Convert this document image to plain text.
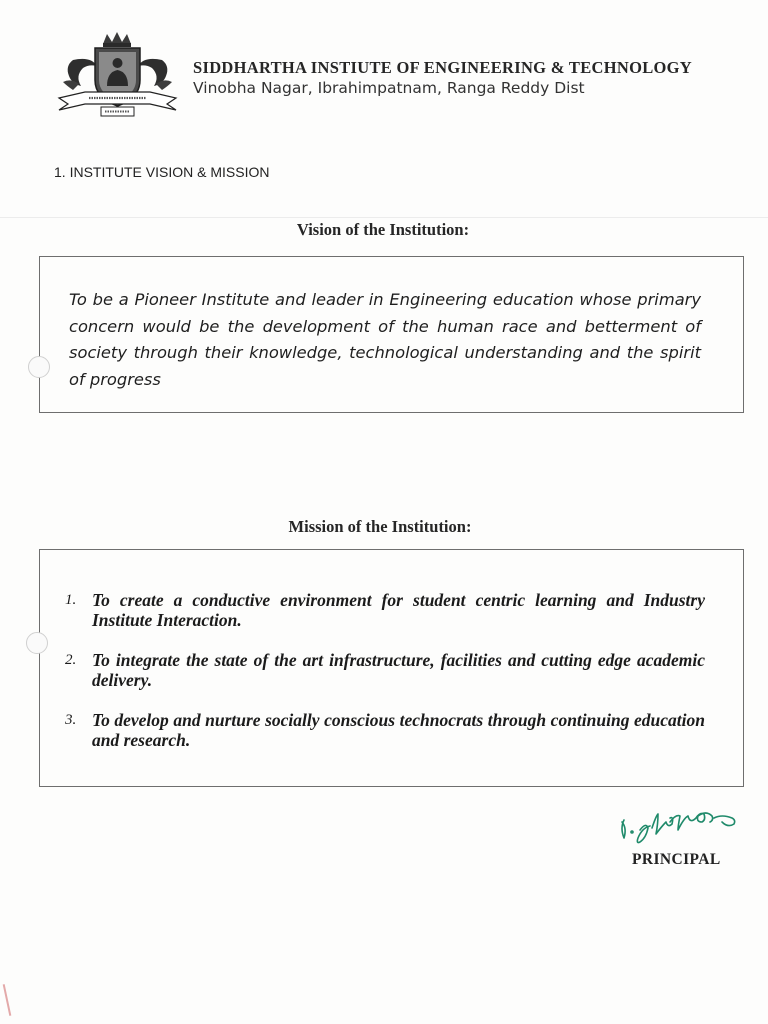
SIDDHARTHA INSTIUTE OF ENGINEERING & TECHNOLOGY
Vinobha Nagar, Ibrahimpatnam, Ranga Reddy Dist
1. INSTITUTE VISION & MISSION
Vision of the Institution:
To be a Pioneer Institute and leader in Engineering education whose primary concern would be the development of the human race and betterment of society through their knowledge, technological understanding and the spirit of progress
Mission of the Institution:
1. To create a conductive environment for student centric learning and Industry Institute Interaction.
2. To integrate the state of the art infrastructure, facilities and cutting edge academic delivery.
3. To develop and nurture socially conscious technocrats through continuing education and research.
PRINCIPAL
